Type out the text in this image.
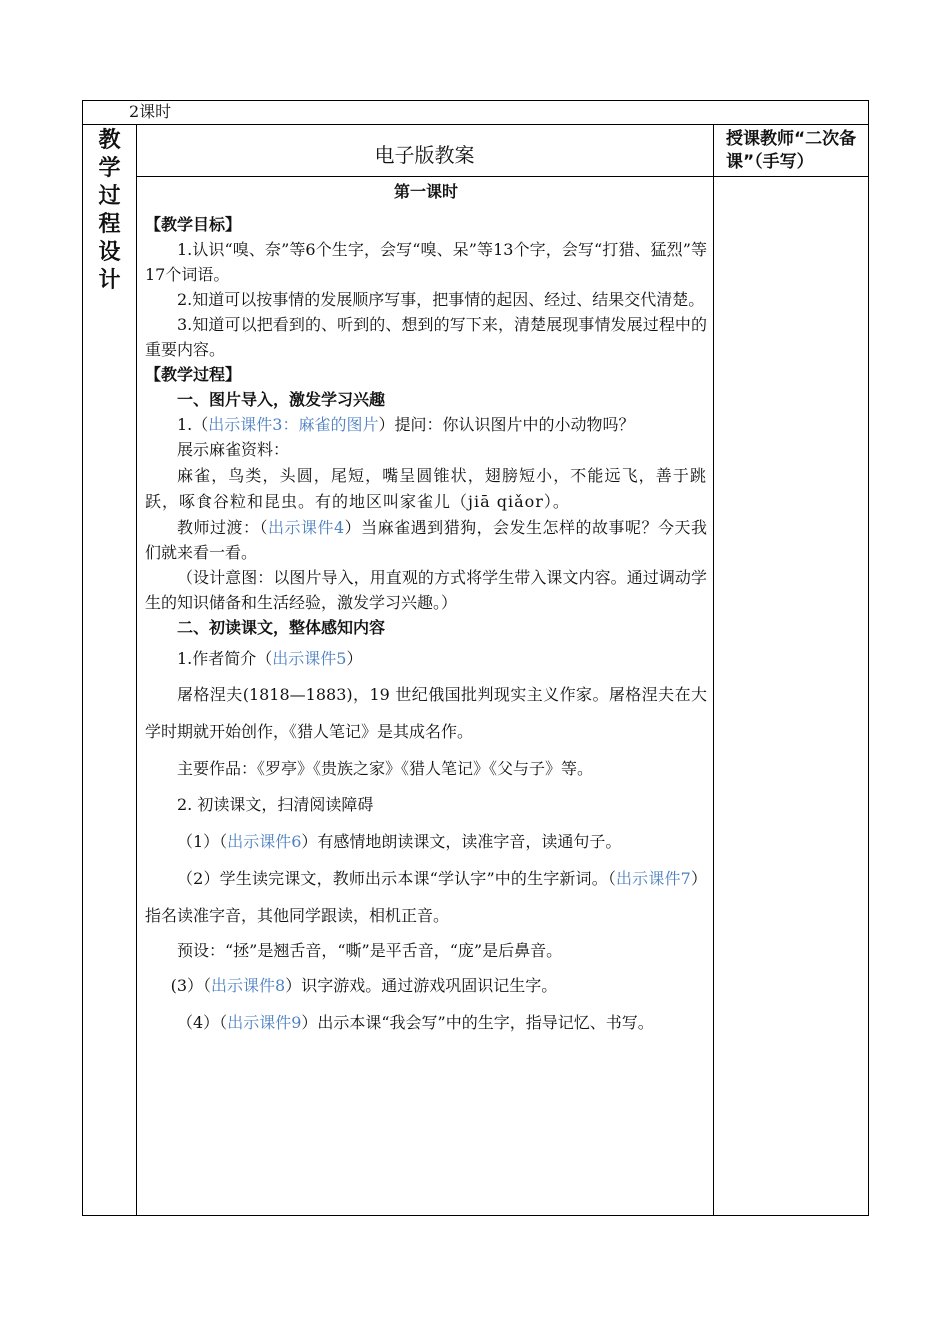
2课时
教
学
过
程
设
计
电子版教案
授课教师“二次备课”（手写）

第一课时

【教学目标】

1.认识“嗅、奈”等6个生字，会写“嗅、呆”等13个字，会写“打猎、猛烈”等17个词语。

2.知道可以按事情的发展顺序写事，把事情的起因、经过、结果交代清楚。

3.知道可以把看到的、听到的、想到的写下来，清楚展现事情发展过程中的重要内容。

【教学过程】

一、图片导入，激发学习兴趣

1.（出示课件3：麻雀的图片）提问：你认识图片中的小动物吗？

展示麻雀资料：

麻雀，鸟类，头圆，尾短，嘴呈圆锥状，翅膀短小，不能远飞，善于跳跃，啄食谷粒和昆虫。有的地区叫家雀儿（jiā qiǎor）。

教师过渡：（出示课件4）当麻雀遇到猎狗，会发生怎样的故事呢？今天我们就来看一看。

（设计意图：以图片导入，用直观的方式将学生带入课文内容。通过调动学生的知识储备和生活经验，激发学习兴趣。）

二、初读课文，整体感知内容

1.作者简介（出示课件5）

屠格涅夫(1818—1883)，19 世纪俄国批判现实主义作家。屠格涅夫在大学时期就开始创作，《猎人笔记》是其成名作。

主要作品：《罗亭》《贵族之家》《猎人笔记》《父与子》等。

2. 初读课文，扫清阅读障碍

（1）（出示课件6）有感情地朗读课文，读准字音，读通句子。

（2）学生读完课文，教师出示本课“学认字”中的生字新词。（出示课件7）指名读准字音，其他同学跟读，相机正音。

预设：“拯”是翘舌音，“嘶”是平舌音，“庞”是后鼻音。

(3）（出示课件8）识字游戏。通过游戏巩固识记生字。

（4）（出示课件9）出示本课“我会写”中的生字，指导记忆、书写。
